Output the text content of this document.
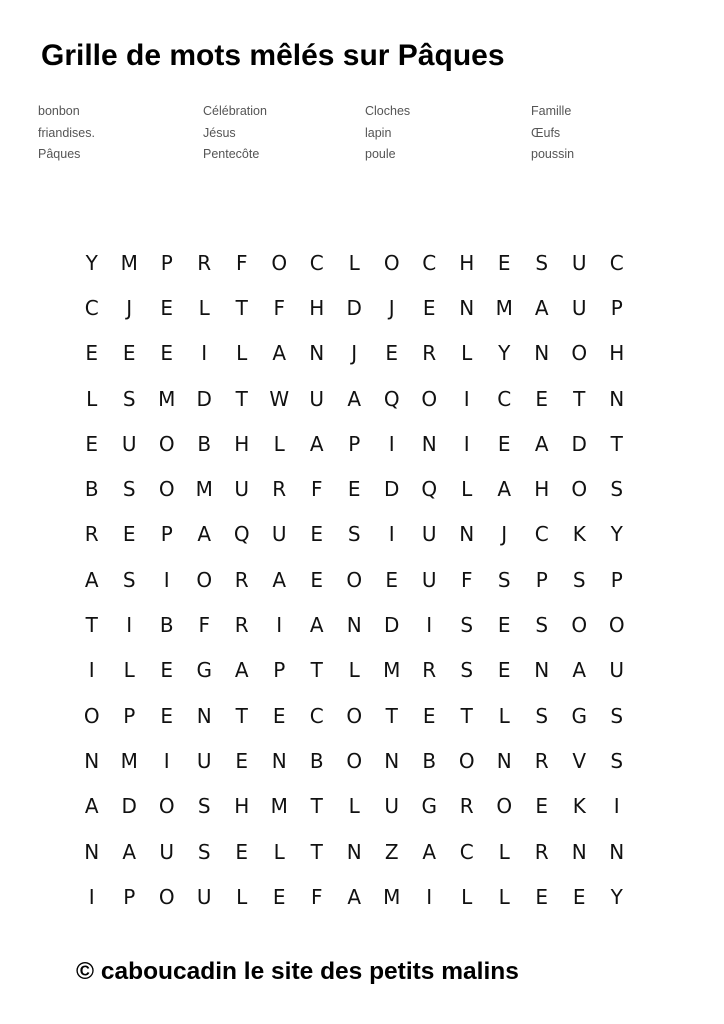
Grille de mots mêlés sur Pâques
bonbon
friandises.
Pâques
Célébration
Jésus
Pentecôte
Cloches
lapin
poule
Famille
Œufs
poussin
Y	M	P	R	F	O	C	L	O	C	H	E	S	U	C
C	J	E	L	T	F	H	D	J	E	N	M	A	U	P
E	E	E	I	L	A	N	J	E	R	L	Y	N	O	H
L	S	M	D	T	W	U	A	Q	O	I	C	E	T	N
E	U	O	B	H	L	A	P	I	N	I	E	A	D	T
B	S	O	M	U	R	F	E	D	Q	L	A	H	O	S
R	E	P	A	Q	U	E	S	I	U	N	J	C	K	Y
A	S	I	O	R	A	E	O	E	U	F	S	P	S	P
T	I	B	F	R	I	A	N	D	I	S	E	S	O	O
I	L	E	G	A	P	T	L	M	R	S	E	N	A	U
O	P	E	N	T	E	C	O	T	E	T	L	S	G	S
N	M	I	U	E	N	B	O	N	B	O	N	R	V	S
A	D	O	S	H	M	T	L	U	G	R	O	E	K	I
N	A	U	S	E	L	T	N	Z	A	C	L	R	N	N
I	P	O	U	L	E	F	A	M	I	L	L	E	E	Y
© caboucadin le site des petits malins
